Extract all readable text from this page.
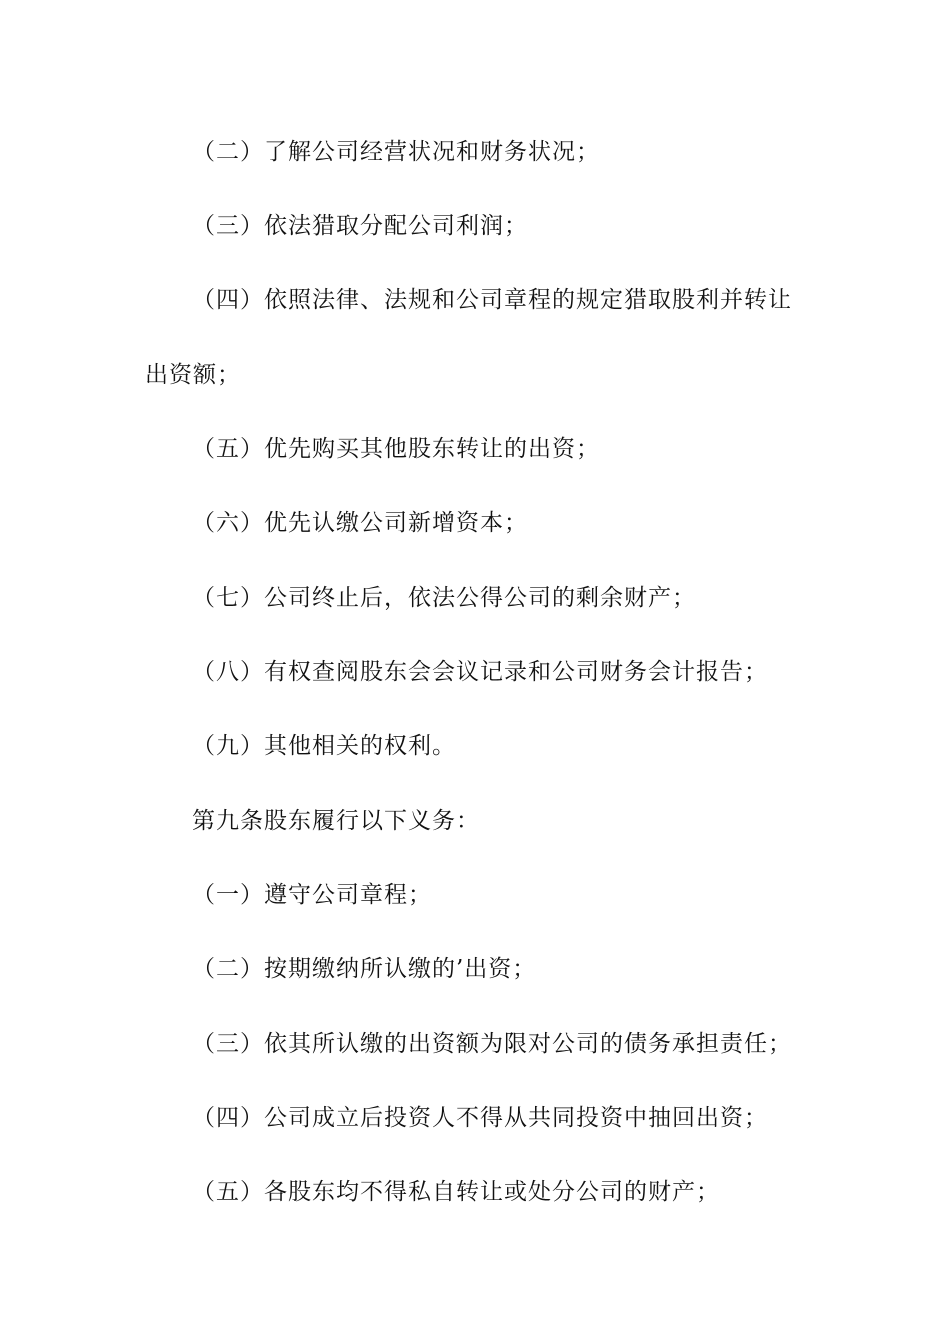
（二）了解公司经营状况和财务状况；

（三）依法猎取分配公司利润；

（四）依照法律、法规和公司章程的规定猎取股利并转让

出资额；

（五）优先购买其他股东转让的出资；

（六）优先认缴公司新增资本；

（七）公司终止后，依法公得公司的剩余财产；

（八）有权查阅股东会会议记录和公司财务会计报告；

（九）其他相关的权利。

第九条股东履行以下义务：

（一）遵守公司章程；

（二）按期缴纳所认缴的’出资；

（三）依其所认缴的出资额为限对公司的债务承担责任；

（四）公司成立后投资人不得从共同投资中抽回出资；

（五）各股东均不得私自转让或处分公司的财产；
